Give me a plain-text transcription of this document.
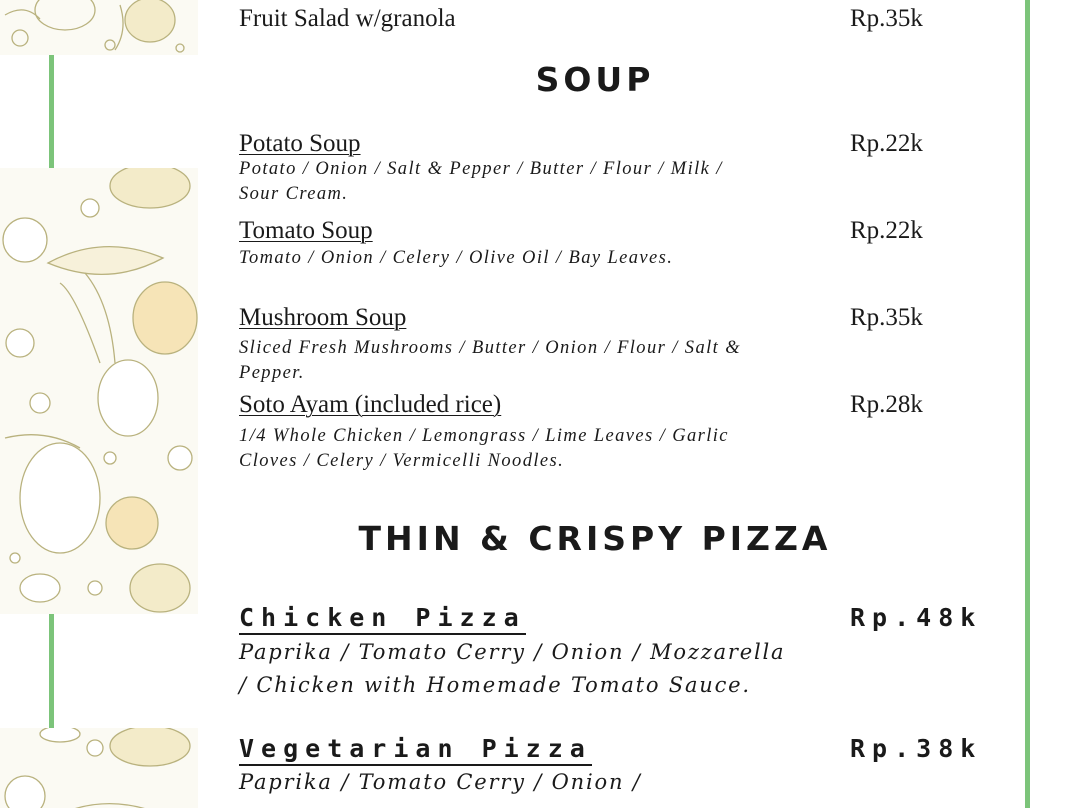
Fruit Salad w/granola	Rp.35k
SOUP
Potato Soup	Rp.22k
Potato / Onion / Salt & Pepper / Butter / Flour / Milk / Sour Cream.
Tomato Soup	Rp.22k
Tomato / Onion / Celery / Olive Oil / Bay Leaves.
Mushroom Soup	Rp.35k
Sliced Fresh Mushrooms / Butter / Onion / Flour / Salt & Pepper.
Soto Ayam (included rice)	Rp.28k
1/4 Whole Chicken / Lemongrass / Lime Leaves / Garlic Cloves / Celery / Vermicelli Noodles.
THIN & CRISPY PIZZA
Chicken Pizza	Rp.48k
Paprika / Tomato Cerry / Onion / Mozzarella / Chicken with Homemade Tomato Sauce.
Vegetarian Pizza	Rp.38k
Paprika / Tomato Cerry / Onion /
